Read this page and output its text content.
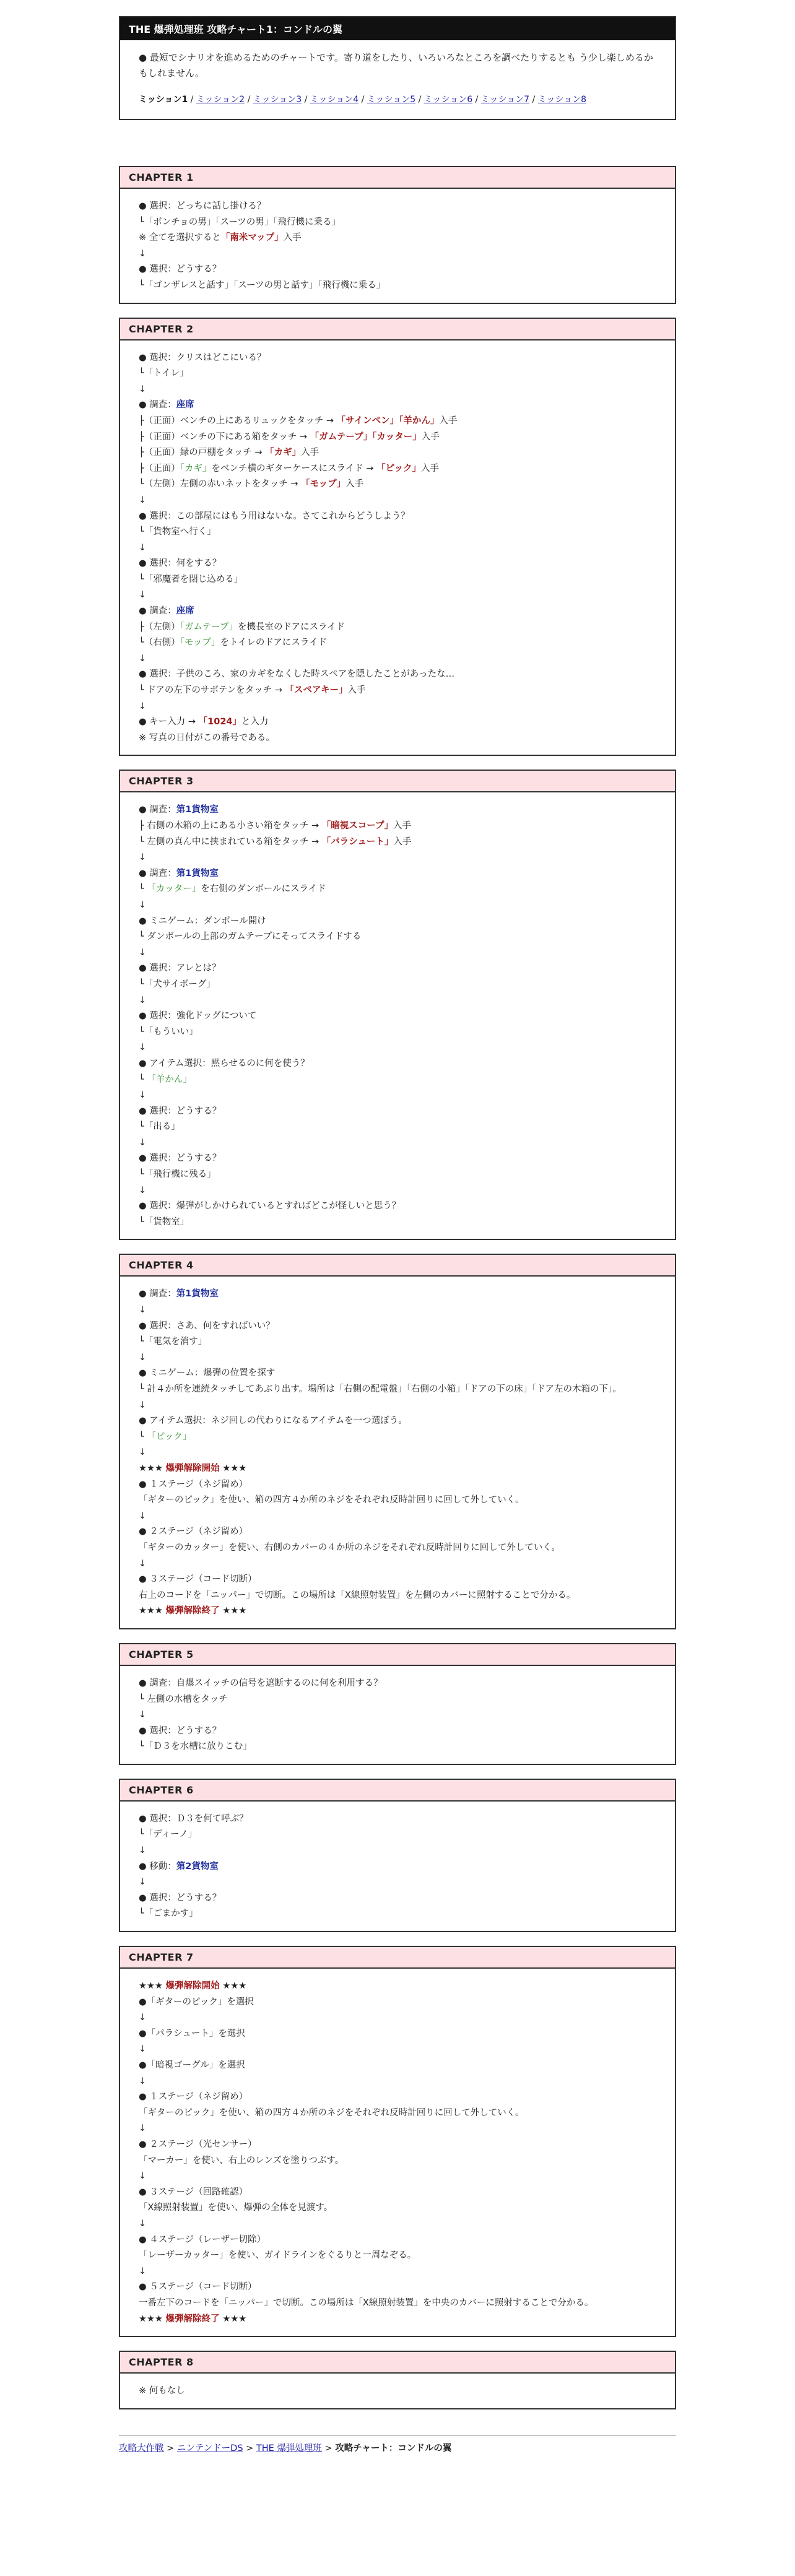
THE 爆弾処理班 攻略チャート1：コンドルの翼
● 最短でシナリオを進めるためのチャートです。寄り道をしたり、いろいろなところを調べたりするとも う少し楽しめるかもしれません。
ミッション1 / ミッション2 / ミッション3 / ミッション4 / ミッション5 / ミッション6 / ミッション7 / ミッション8
CHAPTER 1
● 選択：どっちに話し掛ける？
└「ボンチョの男」「スーツの男」「飛行機に乗る」
※ 全てを選択すると「南米マップ」入手
↓
● 選択：どうする？
└「ゴンザレスと話す」「スーツの男と話す」「飛行機に乗る」
CHAPTER 2
● 選択：クリスはどこにいる？
└「トイレ」
↓
● 調査：座席
├（正面）ベンチの上にあるリュックをタッチ → 「サインペン」「羊かん」入手
├（正面）ベンチの下にある箱をタッチ → 「ガムテープ」「カッター」入手
├（正面）緑の戸棚をタッチ → 「カギ」入手
├（正面）「カギ」をベンチ横のギターケースにスライド → 「ピック」入手
└（左側）左側の赤いネットをタッチ → 「モップ」入手
↓
● 選択：この部屋にはもう用はないな。さてこれからどうしよう？
└「貨物室へ行く」
↓
● 選択：何をする？
└「邪魔者を閉じ込める」
↓
● 調査：座席
├（左側）「ガムテープ」を機長室のドアにスライド
└（右側）「モップ」をトイレのドアにスライド
↓
● 選択：子供のころ、家のカギをなくした時スペアを隠したことがあったな…
└ ドアの左下のサボテンをタッチ → 「スペアキー」入手
↓
● キー入力 → 「1024」と入力
※ 写真の日付がこの番号である。
CHAPTER 3
● 調査：第1貨物室
├ 右側の木箱の上にある小さい箱をタッチ → 「暗視スコープ」入手
└ 左側の真ん中に挟まれている箱をタッチ → 「パラシュート」入手
↓
● 調査：第1貨物室
└ 「カッター」を右側のダンボールにスライド
↓
● ミニゲーム：ダンボール開け
└ ダンボールの上部のガムテープにそってスライドする
↓
● 選択：アレとは？
└「犬サイボーグ」
↓
● 選択：強化ドッグについて
└「もういい」
↓
● アイテム選択：黙らせるのに何を使う？
└ 「羊かん」
↓
● 選択：どうする？
└「出る」
↓
● 選択：どうする？
└「飛行機に残る」
↓
● 選択：爆弾がしかけられているとすればどこが怪しいと思う？
└「貨物室」
CHAPTER 4
● 調査：第1貨物室
↓
● 選択：さあ、何をすればいい？
└「電気を消す」
↓
● ミニゲーム：爆弾の位置を探す
└ 計４か所を連続タッチしてあぶり出す。場所は「右側の配電盤」「右側の小箱」「ドアの下の床」「ドア左の木箱の下」。
↓
● アイテム選択：ネジ回しの代わりになるアイテムを一つ選ぼう。
└ 「ピック」
↓
★★★ 爆弾解除開始 ★★★
● １ステージ（ネジ留め）
「ギターのピック」を使い、箱の四方４か所のネジをそれぞれ反時計回りに回して外していく。
↓
● ２ステージ（ネジ留め）
「ギターのカッター」を使い、右側のカバーの４か所のネジをそれぞれ反時計回りに回して外していく。
↓
● ３ステージ（コード切断）
右上のコードを「ニッパー」で切断。この場所は「X線照射装置」を左側のカバーに照射することで分かる。
★★★ 爆弾解除終了 ★★★
CHAPTER 5
● 調査：自爆スイッチの信号を遮断するのに何を利用する？
└ 左側の水槽をタッチ
↓
● 選択：どうする？
└「Ｄ３を水槽に放りこむ」
CHAPTER 6
● 選択：Ｄ３を何て呼ぶ？
└「ディーノ」
↓
● 移動：第2貨物室
↓
● 選択：どうする？
└「ごまかす」
CHAPTER 7
★★★ 爆弾解除開始 ★★★
●「ギターのピック」を選択
↓
●「パラシュート」を選択
↓
●「暗視ゴーグル」を選択
↓
● １ステージ（ネジ留め）
「ギターのピック」を使い、箱の四方４か所のネジをそれぞれ反時計回りに回して外していく。
↓
● ２ステージ（光センサー）
「マーカー」を使い、右上のレンズを塗りつぶす。
↓
● ３ステージ（回路確認）
「X線照射装置」を使い、爆弾の全体を見渡す。
↓
● ４ステージ（レーザー切除）
「レーザーカッター」を使い、ガイドラインをぐるりと一周なぞる。
↓
● ５ステージ（コード切断）
一番左下のコードを「ニッパー」で切断。この場所は「X線照射装置」を中央のカバーに照射することで分かる。
★★★ 爆弾解除終了 ★★★
CHAPTER 8
※ 何もなし
攻略大作戦 > ニンテンドーDS > THE 爆弾処理班 > 攻略チャート：コンドルの翼
